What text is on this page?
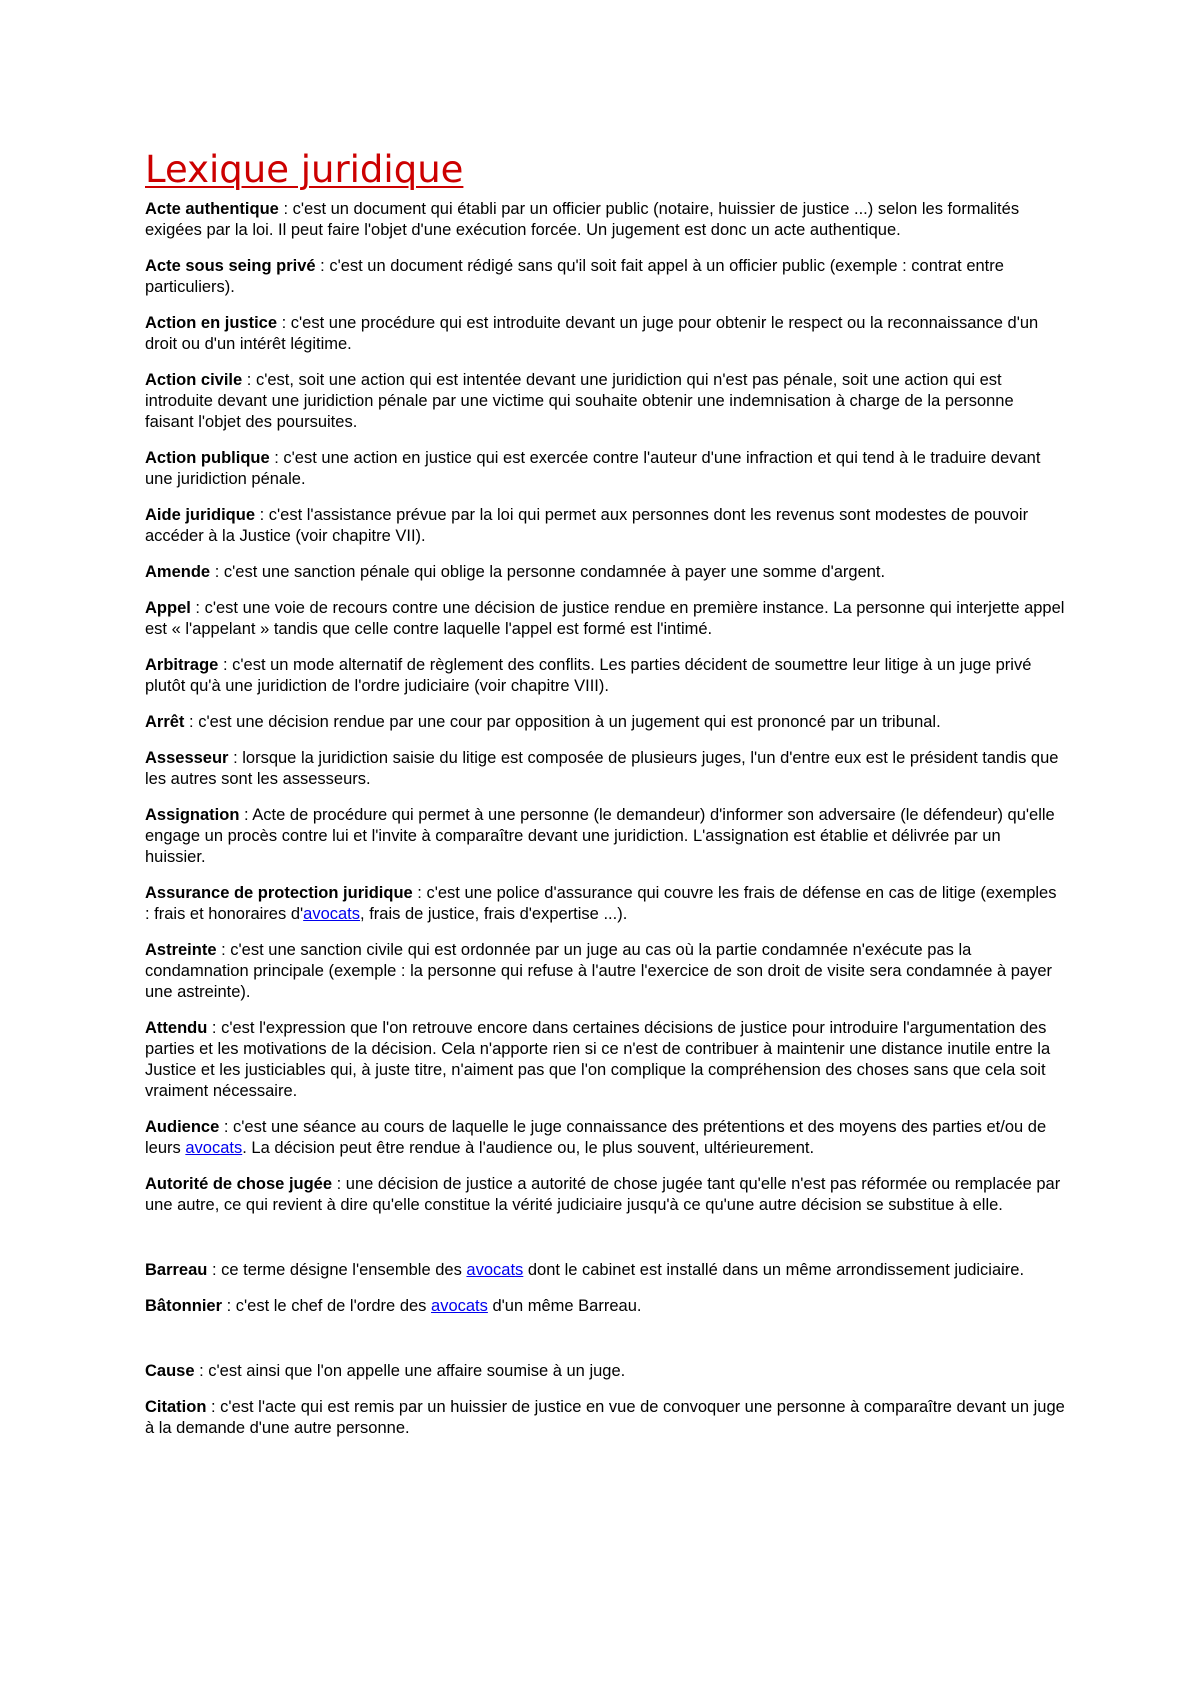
Lexique juridique

Acte authentique : c'est un document qui établi par un officier public (notaire, huissier de justice ...) selon les formalités exigées par la loi. Il peut faire l'objet d'une exécution forcée. Un jugement est donc un acte authentique.

Acte sous seing privé : c'est un document rédigé sans qu'il soit fait appel à un officier public (exemple : contrat entre particuliers).

Action en justice : c'est une procédure qui est introduite devant un juge pour obtenir le respect ou la reconnaissance d'un droit ou d'un intérêt légitime.

Action civile : c'est, soit une action qui est intentée devant une juridiction qui n'est pas pénale, soit une action qui est introduite devant une juridiction pénale par une victime qui souhaite obtenir une indemnisation à charge de la personne faisant l'objet des poursuites.

Action publique : c'est une action en justice qui est exercée contre l'auteur d'une infraction et qui tend à le traduire devant une juridiction pénale.

Aide juridique : c'est l'assistance prévue par la loi qui permet aux personnes dont les revenus sont modestes de pouvoir accéder à la Justice (voir chapitre VII).

Amende : c'est une sanction pénale qui oblige la personne condamnée à payer une somme d'argent.

Appel : c'est une voie de recours contre une décision de justice rendue en première instance. La personne qui interjette appel est « l'appelant » tandis que celle contre laquelle l'appel est formé est l'intimé.

Arbitrage : c'est un mode alternatif de règlement des conflits. Les parties décident de soumettre leur litige à un juge privé plutôt qu'à une juridiction de l'ordre judiciaire (voir chapitre VIII).

Arrêt : c'est une décision rendue par une cour par opposition à un jugement qui est prononcé par un tribunal.

Assesseur : lorsque la juridiction saisie du litige est composée de plusieurs juges, l'un d'entre eux est le président tandis que les autres sont les assesseurs.

Assignation : Acte de procédure qui permet à une personne (le demandeur) d'informer son adversaire (le défendeur) qu'elle engage un procès contre lui et l'invite à comparaître devant une juridiction. L'assignation est établie et délivrée par un huissier.

Assurance de protection juridique : c'est une police d'assurance qui couvre les frais de défense en cas de litige (exemples : frais et honoraires d'avocats, frais de justice, frais d'expertise ...).

Astreinte : c'est une sanction civile qui est ordonnée par un juge au cas où la partie condamnée n'exécute pas la condamnation principale (exemple : la personne qui refuse à l'autre l'exercice de son droit de visite sera condamnée à payer une astreinte).

Attendu : c'est l'expression que l'on retrouve encore dans certaines décisions de justice pour introduire l'argumentation des parties et les motivations de la décision. Cela n'apporte rien si ce n'est de contribuer à maintenir une distance inutile entre la Justice et les justiciables qui, à juste titre, n'aiment pas que l'on complique la compréhension des choses sans que cela soit vraiment nécessaire.

Audience : c'est une séance au cours de laquelle le juge connaissance des prétentions et des moyens des parties et/ou de leurs avocats. La décision peut être rendue à l'audience ou, le plus souvent, ultérieurement.

Autorité de chose jugée : une décision de justice a autorité de chose jugée tant qu'elle n'est pas réformée ou remplacée par une autre, ce qui revient à dire qu'elle constitue la vérité judiciaire jusqu'à ce qu'une autre décision se substitue à elle.

Barreau : ce terme désigne l'ensemble des avocats dont le cabinet est installé dans un même arrondissement judiciaire.

Bâtonnier : c'est le chef de l'ordre des avocats d'un même Barreau.

Cause : c'est ainsi que l'on appelle une affaire soumise à un juge.

Citation : c'est l'acte qui est remis par un huissier de justice en vue de convoquer une personne à comparaître devant un juge à la demande d'une autre personne.
